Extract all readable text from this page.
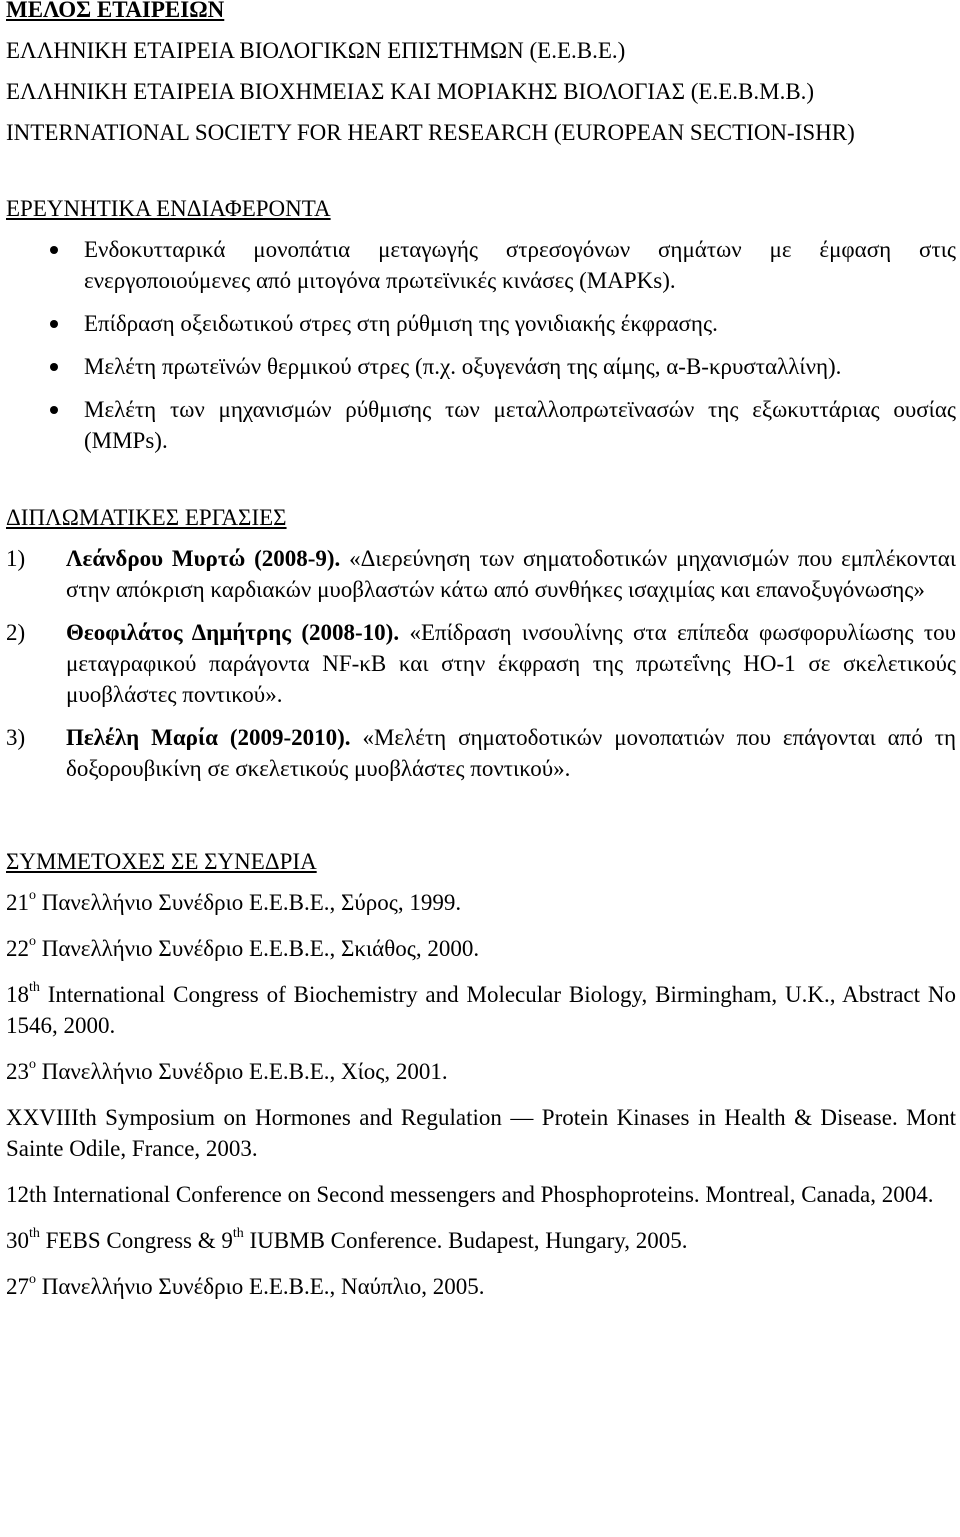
ΜΕΛΟΣ ΕΤΑΙΡΕΙΩΝ
ΕΛΛΗΝΙΚΗ ΕΤΑΙΡΕΙΑ ΒΙΟΛΟΓΙΚΩΝ ΕΠΙΣΤΗΜΩΝ (Ε.Ε.Β.Ε.)
ΕΛΛΗΝΙΚΗ ΕΤΑΙΡΕΙΑ ΒΙΟΧΗΜΕΙΑΣ ΚΑΙ ΜΟΡΙΑΚΗΣ ΒΙΟΛΟΓΙΑΣ (Ε.Ε.Β.Μ.Β.)
INTERNATIONAL SOCIETY FOR HEART RESEARCH (EUROPEAN SECTION-ISHR)
ΕΡΕΥΝΗΤΙΚΑ ΕΝΔΙΑΦΕΡΟΝΤΑ
Ενδοκυτταρικά μονοπάτια μεταγωγής στρεσογόνων σημάτων με έμφαση στις ενεργοποιούμενες από μιτογόνα πρωτεϊνικές κινάσες (MAPKs).
Επίδραση οξειδωτικού στρες στη ρύθμιση της γονιδιακής έκφρασης.
Μελέτη πρωτεϊνών θερμικού στρες (π.χ. οξυγενάση της αίμης, α-Β-κρυσταλλίνη).
Μελέτη των μηχανισμών ρύθμισης των μεταλλοπρωτεϊνασών της εξωκυττάριας ουσίας (MMPs).
ΔΙΠΛΩΜΑΤΙΚΕΣ ΕΡΓΑΣΙΕΣ
1) Λεάνδρου Μυρτώ (2008-9). «Διερεύνηση των σηματοδοτικών μηχανισμών που εμπλέκονται στην απόκριση καρδιακών μυοβλαστών κάτω από συνθήκες ισαχιμίας και επανοξυγόνωσης»
2) Θεοφιλάτος Δημήτρης (2008-10). «Επίδραση ινσουλίνης στα επίπεδα φωσφορυλίωσης του μεταγραφικού παράγοντα NF-κB και στην έκφραση της πρωτεΐνης HO-1 σε σκελετικούς μυοβλάστες ποντικού».
3) Πελέλη Μαρία (2009-2010). «Μελέτη σηματοδοτικών μονοπατιών που επάγονται από τη δοξορουβικίνη σε σκελετικούς μυοβλάστες ποντικού».
ΣΥΜΜΕΤΟΧΕΣ ΣΕ ΣΥΝΕΔΡΙΑ

$21^o$ Πανελλήνιο Συνέδριο Ε.Ε.Β.Ε., Σύρος, 1999.

$22^o$ Πανελλήνιο Συνέδριο Ε.Ε.Β.Ε., Σκιάθος, 2000.

18th International Congress of Biochemistry and Molecular Biology, Birmingham, U.K., Abstract No 1546, 2000.

$23^o$ Πανελλήνιο Συνέδριο Ε.Ε.Β.Ε., Χίος, 2001.

XXVIIIth Symposium on Hormones and Regulation — Protein Kinases in Health & Disease. Mont Sainte Odile, France, 2003.

12th International Conference on Second messengers and Phosphoproteins. Montreal, Canada, 2004.

30th FEBS Congress & 9th IUBMB Conference. Budapest, Hungary, 2005.

$27^o$ Πανελλήνιο Συνέδριο Ε.Ε.Β.Ε., Ναύπλιο, 2005.
